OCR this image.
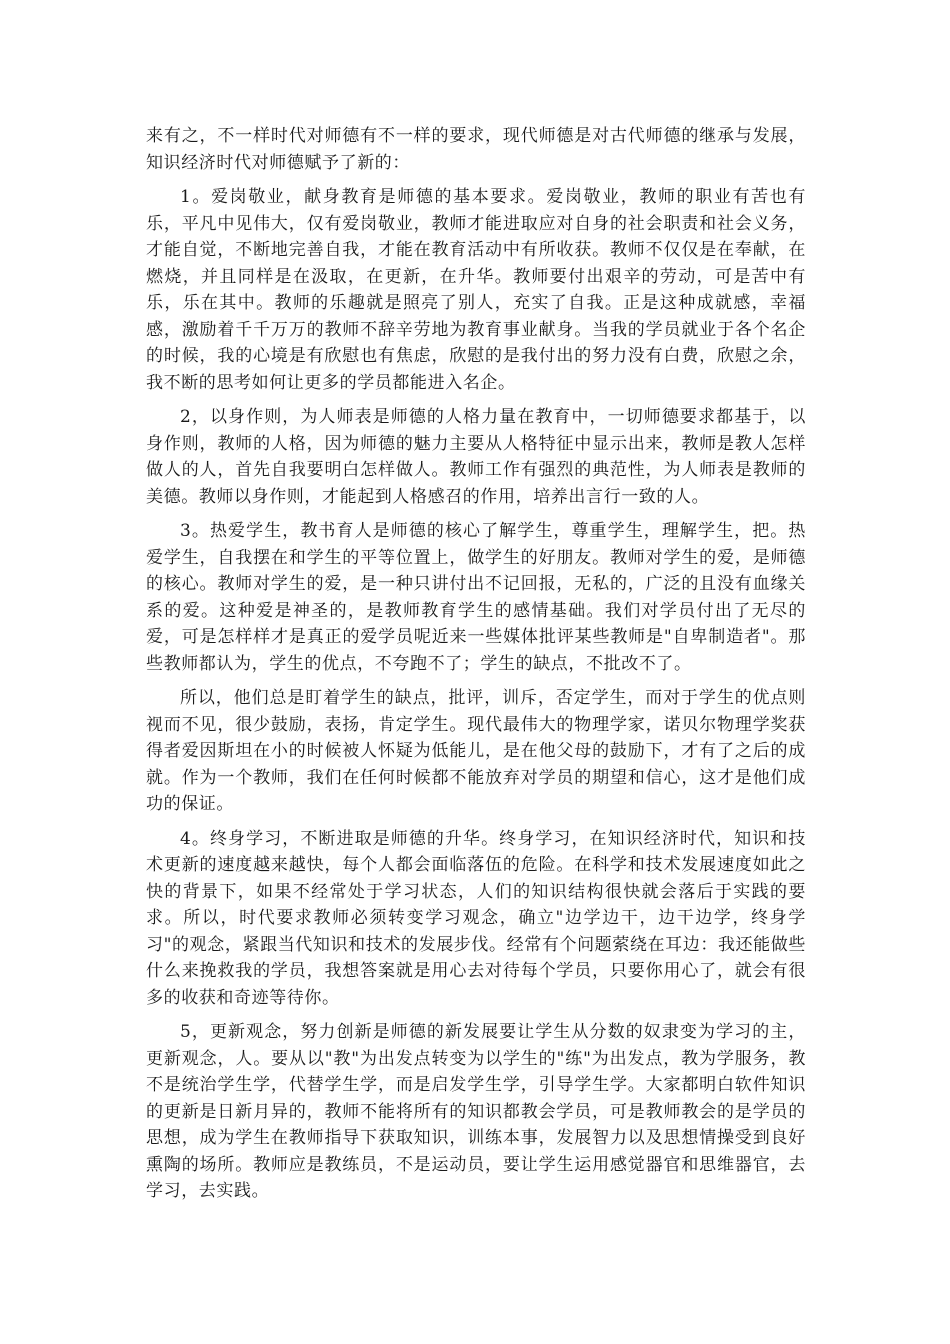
来有之，不一样时代对师德有不一样的要求，现代师德是对古代师德的继承与发展，知识经济时代对师德赋予了新的：

1。爱岗敬业，献身教育是师德的基本要求。爱岗敬业，教师的职业有苦也有乐，平凡中见伟大，仅有爱岗敬业，教师才能进取应对自身的社会职责和社会义务，才能自觉，不断地完善自我，才能在教育活动中有所收获。教师不仅仅是在奉献，在燃烧，并且同样是在汲取，在更新，在升华。教师要付出艰辛的劳动，可是苦中有乐，乐在其中。教师的乐趣就是照亮了别人，充实了自我。正是这种成就感，幸福感，激励着千千万万的教师不辞辛劳地为教育事业献身。当我的学员就业于各个名企的时候，我的心境是有欣慰也有焦虑，欣慰的是我付出的努力没有白费，欣慰之余，我不断的思考如何让更多的学员都能进入名企。

2，以身作则，为人师表是师德的人格力量在教育中，一切师德要求都基于，以身作则，教师的人格，因为师德的魅力主要从人格特征中显示出来，教师是教人怎样做人的人，首先自我要明白怎样做人。教师工作有强烈的典范性，为人师表是教师的美德。教师以身作则，才能起到人格感召的作用，培养出言行一致的人。

3。热爱学生，教书育人是师德的核心了解学生，尊重学生，理解学生，把。热爱学生，自我摆在和学生的平等位置上，做学生的好朋友。教师对学生的爱，是师德的核心。教师对学生的爱，是一种只讲付出不记回报，无私的，广泛的且没有血缘关系的爱。这种爱是神圣的，是教师教育学生的感情基础。我们对学员付出了无尽的爱，可是怎样样才是真正的爱学员呢近来一些媒体批评某些教师是"自卑制造者"。那些教师都认为，学生的优点，不夸跑不了；学生的缺点，不批改不了。

所以，他们总是盯着学生的缺点，批评，训斥，否定学生，而对于学生的优点则视而不见，很少鼓励，表扬，肯定学生。现代最伟大的物理学家，诺贝尔物理学奖获得者爱因斯坦在小的时候被人怀疑为低能儿，是在他父母的鼓励下，才有了之后的成就。作为一个教师，我们在任何时候都不能放弃对学员的期望和信心，这才是他们成功的保证。

4。终身学习，不断进取是师德的升华。终身学习，在知识经济时代，知识和技术更新的速度越来越快，每个人都会面临落伍的危险。在科学和技术发展速度如此之快的背景下，如果不经常处于学习状态，人们的知识结构很快就会落后于实践的要求。所以，时代要求教师必须转变学习观念，确立"边学边干，边干边学，终身学习"的观念，紧跟当代知识和技术的发展步伐。经常有个问题萦绕在耳边：我还能做些什么来挽救我的学员，我想答案就是用心去对待每个学员，只要你用心了，就会有很多的收获和奇迹等待你。

5，更新观念，努力创新是师德的新发展要让学生从分数的奴隶变为学习的主，更新观念，人。要从以"教"为出发点转变为以学生的"练"为出发点，教为学服务，教不是统治学生学，代替学生学，而是启发学生学，引导学生学。大家都明白软件知识的更新是日新月异的，教师不能将所有的知识都教会学员，可是教师教会的是学员的思想，成为学生在教师指导下获取知识，训练本事，发展智力以及思想情操受到良好熏陶的场所。教师应是教练员，不是运动员，要让学生运用感觉器官和思维器官，去学习，去实践。
